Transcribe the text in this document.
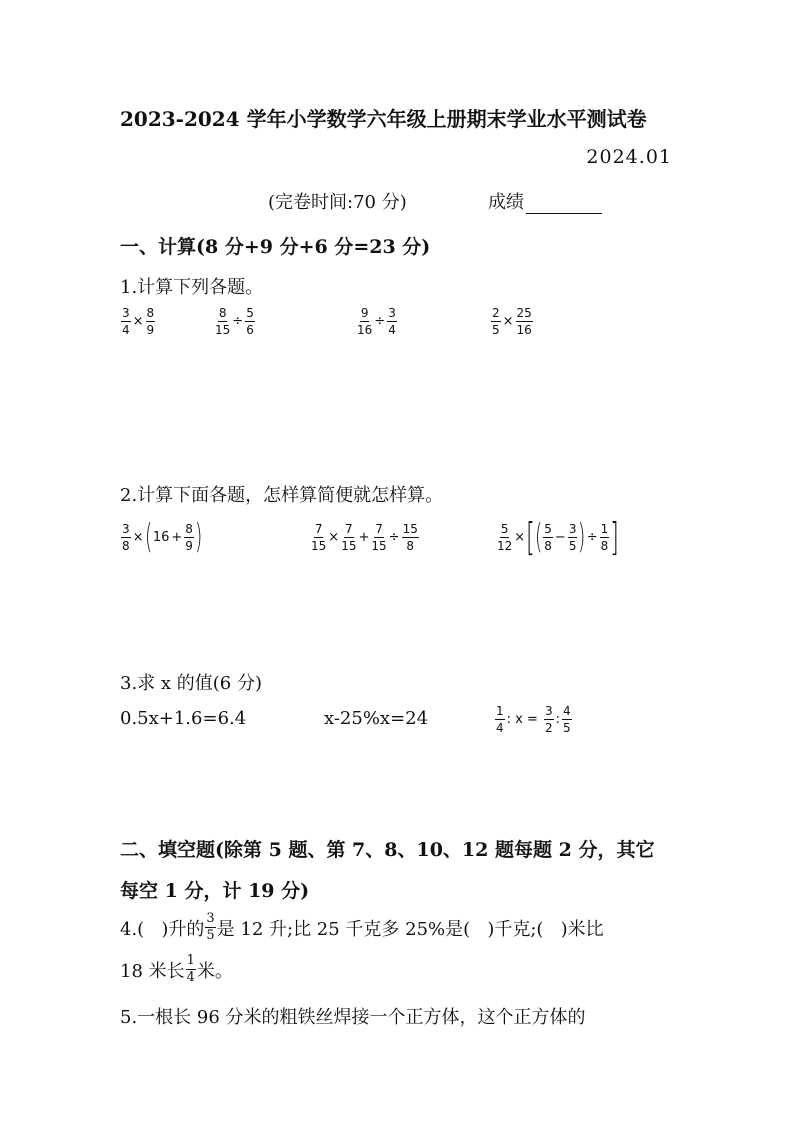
2023-2024 学年小学数学六年级上册期末学业水平测试卷
2024.01
(完卷时间:70 分)	成绩
一、计算(8 分+9 分+6 分=23 分)
1.计算下列各题。
$\frac{3}{4} \times \frac{8}{9}$	$\frac{8}{15} \div \frac{5}{6}$	$\frac{9}{16} \div \frac{3}{4}$	$\frac{2}{5} \times \frac{25}{16}$
2.计算下面各题，怎样算简便就怎样算。
$\frac{3}{8}$ × ( $16 + \frac{8}{9}$ )	$\frac{7}{15} \times \frac{7}{15} + \frac{7}{15} \div \frac{15}{8}$	$\frac{5}{12}$ × [ ( $\frac{5}{8} - \frac{3}{5}$ ) ÷ $\frac{1}{8}$ ]
3.求 x 的值(6 分)
0.5x+1.6=6.4	x-25%x=24	$\frac{1}{4}$ : $x = \frac{3}{2}$ : $\frac{4}{5}$
二、填空题(除第 5 题、第 7、8、10、12 题每题 2 分，其它
每空 1 分，计 19 分)
4.(   )升的 $\frac{3}{5}$ 是 12 升;比 25 千克多 25%是(   )千克;(   )米比
18 米长 $\frac{1}{4}$ 米。
5.一根长 96 分米的粗铁丝焊接一个正方体，这个正方体的
